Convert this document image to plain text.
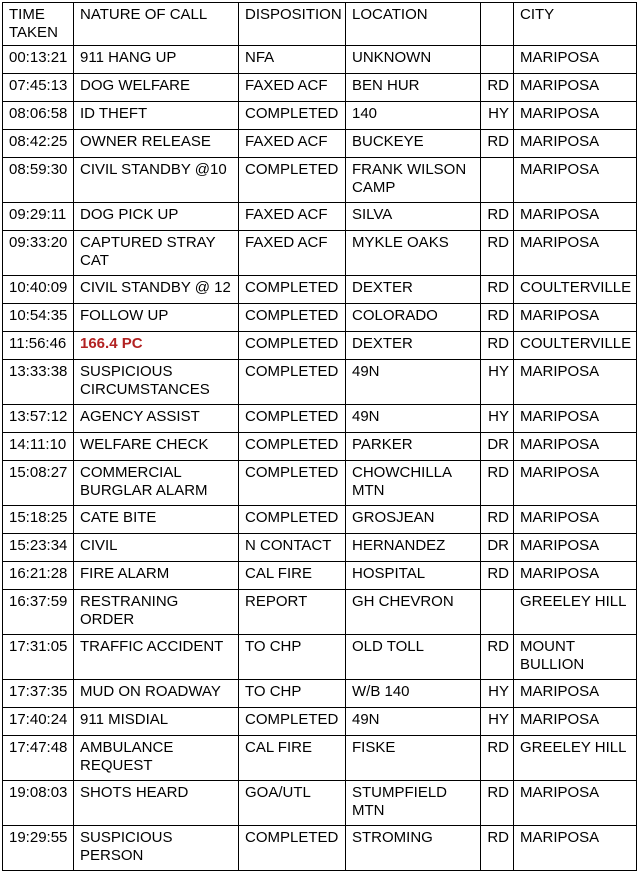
TIME TAKEN	NATURE OF CALL	DISPOSITION	LOCATION		CITY
00:13:21	911 HANG UP	NFA	UNKNOWN		MARIPOSA
07:45:13	DOG WELFARE	FAXED ACF	BEN HUR	RD	MARIPOSA
08:06:58	ID THEFT	COMPLETED	140	HY	MARIPOSA
08:42:25	OWNER RELEASE	FAXED ACF	BUCKEYE	RD	MARIPOSA
08:59:30	CIVIL STANDBY @10	COMPLETED	FRANK WILSON CAMP		MARIPOSA
09:29:11	DOG PICK UP	FAXED ACF	SILVA	RD	MARIPOSA
09:33:20	CAPTURED STRAY CAT	FAXED ACF	MYKLE OAKS	RD	MARIPOSA
10:40:09	CIVIL STANDBY @ 12	COMPLETED	DEXTER	RD	COULTERVILLE
10:54:35	FOLLOW UP	COMPLETED	COLORADO	RD	MARIPOSA
11:56:46	166.4 PC	COMPLETED	DEXTER	RD	COULTERVILLE
13:33:38	SUSPICIOUS CIRCUMSTANCES	COMPLETED	49N	HY	MARIPOSA
13:57:12	AGENCY ASSIST	COMPLETED	49N	HY	MARIPOSA
14:11:10	WELFARE CHECK	COMPLETED	PARKER	DR	MARIPOSA
15:08:27	COMMERCIAL BURGLAR ALARM	COMPLETED	CHOWCHILLA MTN	RD	MARIPOSA
15:18:25	CATE BITE	COMPLETED	GROSJEAN	RD	MARIPOSA
15:23:34	CIVIL	N CONTACT	HERNANDEZ	DR	MARIPOSA
16:21:28	FIRE ALARM	CAL FIRE	HOSPITAL	RD	MARIPOSA
16:37:59	RESTRANING ORDER	REPORT	GH CHEVRON		GREELEY HILL
17:31:05	TRAFFIC ACCIDENT	TO CHP	OLD TOLL	RD	MOUNT BULLION
17:37:35	MUD ON ROADWAY	TO CHP	W/B 140	HY	MARIPOSA
17:40:24	911 MISDIAL	COMPLETED	49N	HY	MARIPOSA
17:47:48	AMBULANCE REQUEST	CAL FIRE	FISKE	RD	GREELEY HILL
19:08:03	SHOTS HEARD	GOA/UTL	STUMPFIELD MTN	RD	MARIPOSA
19:29:55	SUSPICIOUS PERSON	COMPLETED	STROMING	RD	MARIPOSA
